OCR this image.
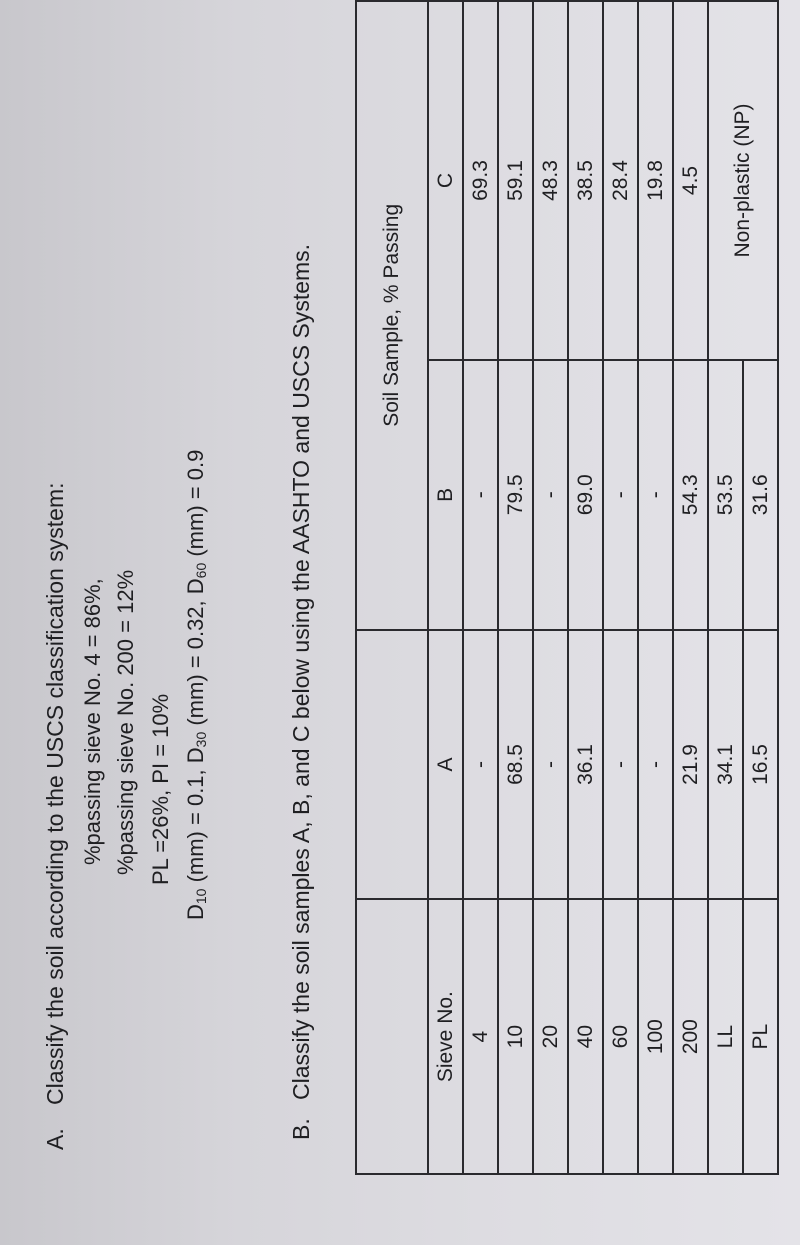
A.
Classify the soil according to the USCS classification system: %passing sieve No. 4 = 86%, %passing sieve No. 200 = 12% PL =26%, PI = 10%
$D_{10}$ (mm) = 0.1, $D_{30}$ (mm) = 0.32, $D_{60}$ (mm) = 0.9
B.
Classify the soil samples A, B, and C below using the AASHTO and USCS Systems.
			Soil Sample, % Passing	
Sieve No.	A	B	C
4	-	-	69.3
10	68.5	79.5	59.1
20	-	-	48.3
40	36.1	69.0	38.5
60	-	-	28.4
100	-	-	19.8
200	21.9	54.3	4.5
LL	34.1	53.5	Non-plastic (NP)
PL	16.5	31.6	
